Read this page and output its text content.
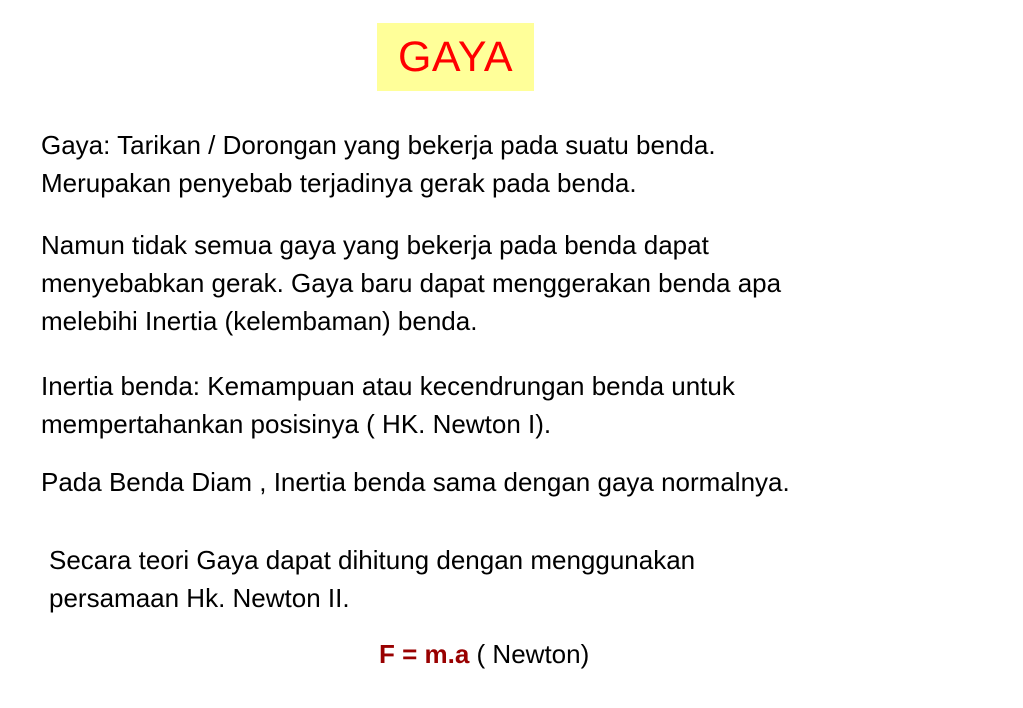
GAYA
Gaya: Tarikan / Dorongan yang bekerja pada suatu benda.
Merupakan penyebab terjadinya gerak pada benda.
Namun tidak semua gaya yang bekerja pada benda dapat
menyebabkan gerak. Gaya baru dapat menggerakan benda apa
melebihi Inertia (kelembaman) benda.
Inertia benda: Kemampuan atau kecendrungan benda untuk
mempertahankan posisinya ( HK. Newton I).
Pada Benda Diam , Inertia benda sama dengan gaya normalnya.
Secara teori Gaya dapat dihitung dengan menggunakan
persamaan Hk. Newton II.
F = m.a ( Newton)
